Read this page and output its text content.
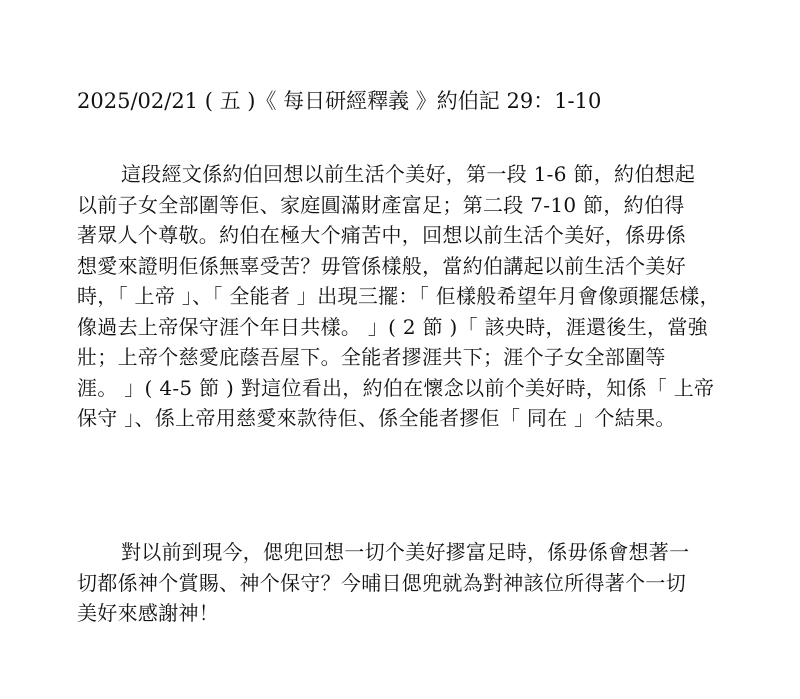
2025/02/21 ( 五 )《 每日研經釋義 》約伯記 29：1-10
這段經文係約伯回想以前生活个美好，第一段 1-6 節，約伯想起
以前子女全部圍等佢、家庭圓滿財產富足；第二段 7-10 節，約伯得
著眾人个尊敬。約伯在極大个痛苦中，回想以前生活个美好，係毋係
想愛來證明佢係無辜受苦？毋管係樣般，當約伯講起以前生活个美好
時，「 上帝 」、「 全能者 」出現三擺：「 佢樣般希望年月會像頭擺恁樣，
像過去上帝保守涯个年日共樣。 」( 2 節 )「 該央時，涯還後生，當強
壯；上帝个慈愛庇蔭吾屋下。全能者摎涯共下；涯个子女全部圍等
涯。 」( 4-5 節 ) 對這位看出，約伯在懷念以前个美好時，知係「 上帝
保守 」、係上帝用慈愛來款待佢、係全能者摎佢「 同在 」个結果。
對以前到現今，偲兜回想一切个美好摎富足時，係毋係會想著一
切都係神个賞賜、神个保守？今晡日偲兜就為對神該位所得著个一切
美好來感謝神！
